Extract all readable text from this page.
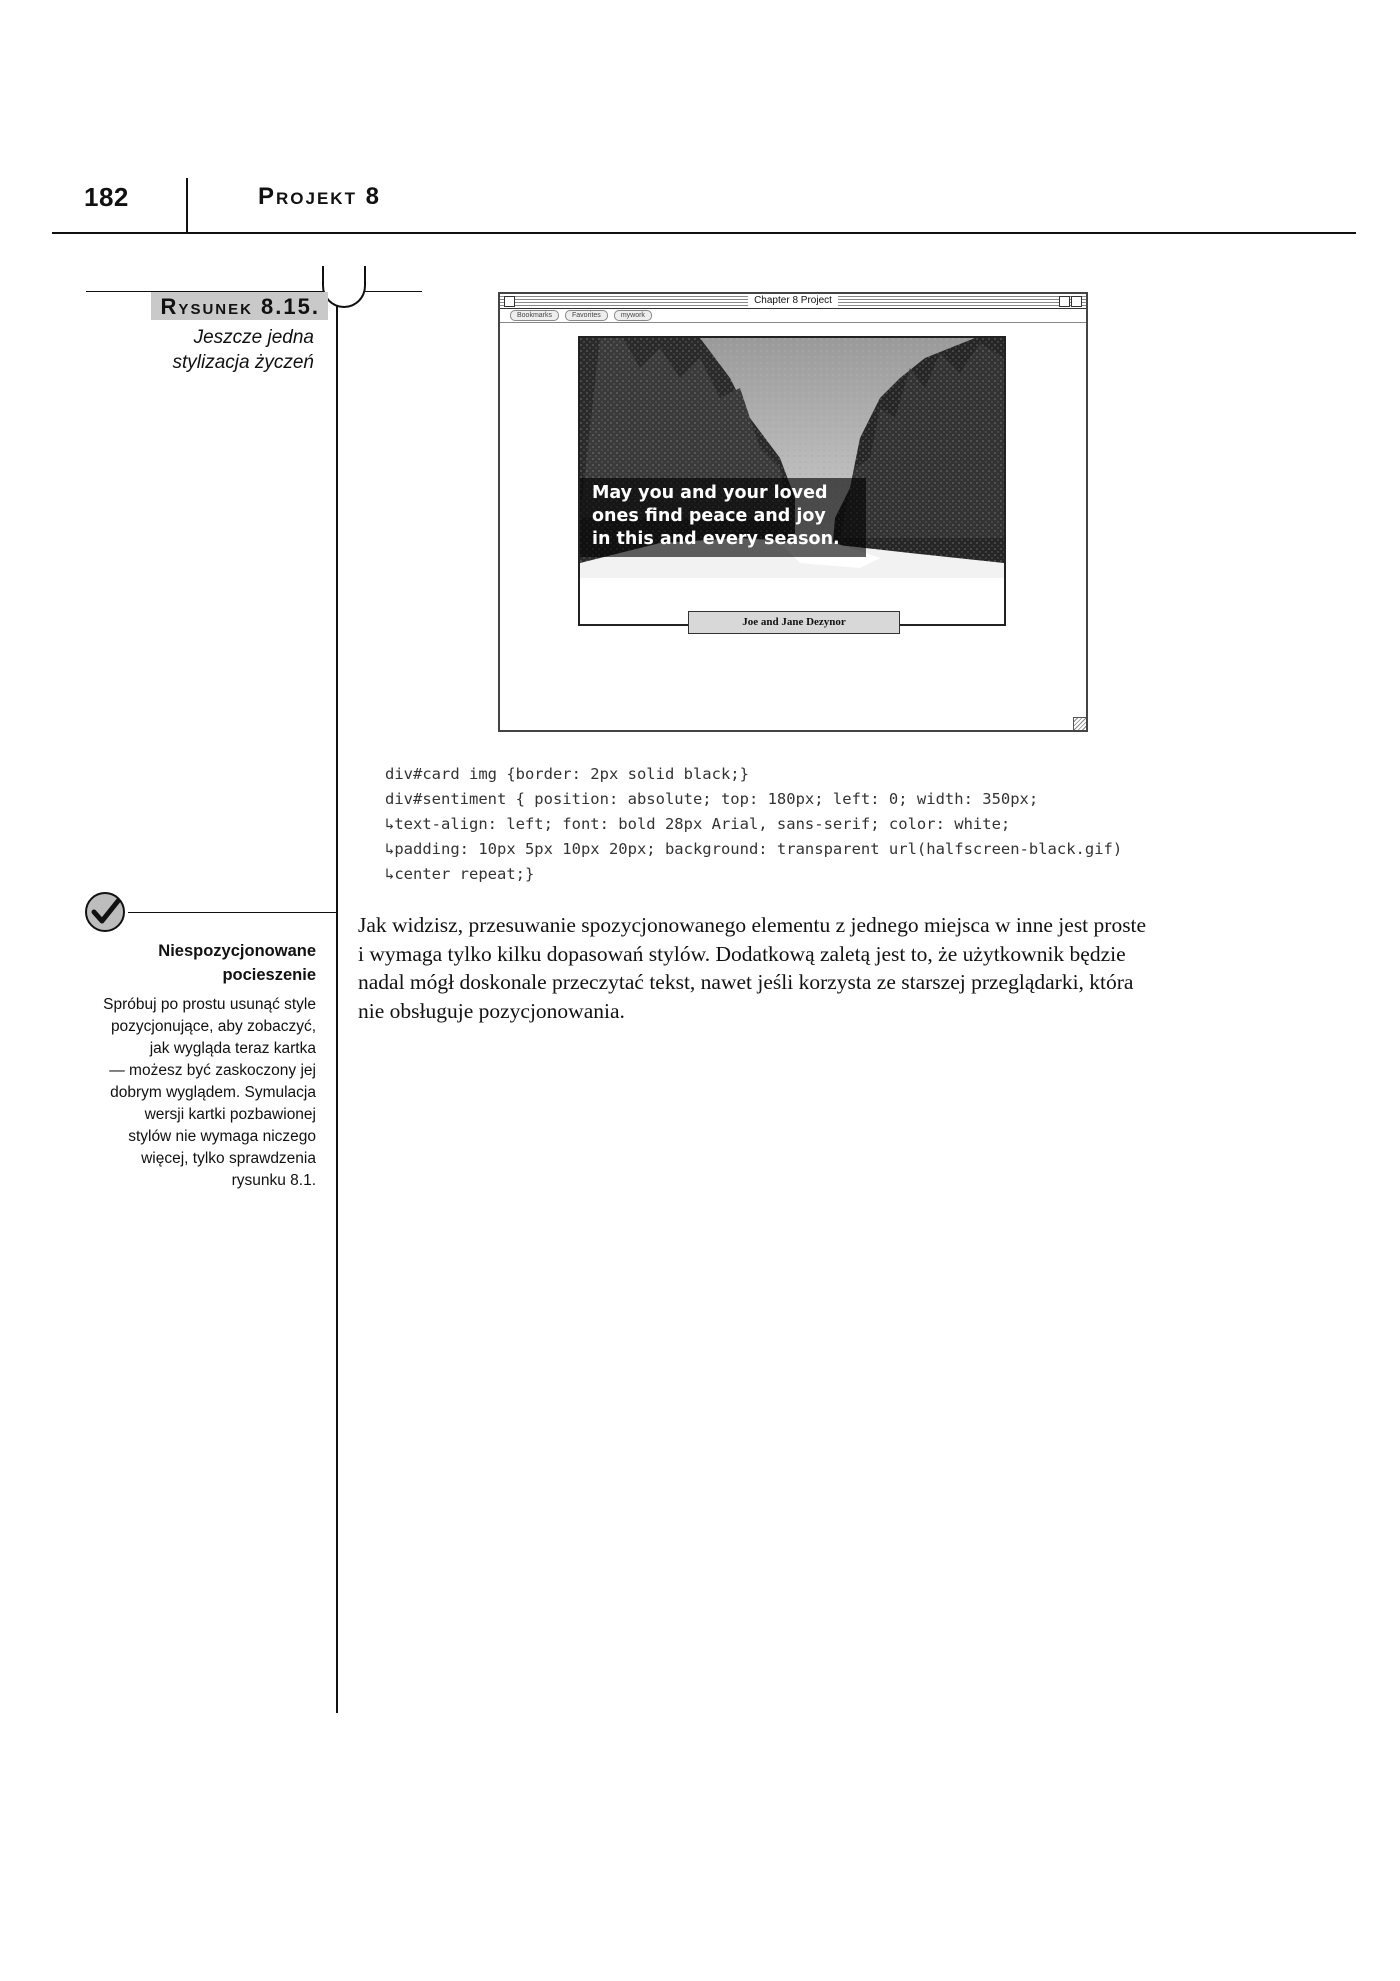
182	Projekt 8
Rysunek 8.15.
Jeszcze jedna
stylizacja życzeń
Chapter 8 Project
Bookmarks	Favorites	mywork

May you and your loved
ones find peace and joy
in this and every season.
Joe and Jane Dezynor
div#card img {border: 2px solid black;}
div#sentiment { position: absolute; top: 180px; left: 0; width: 350px;
↳text-align: left; font: bold 28px Arial, sans-serif; color: white;
↳padding: 10px 5px 10px 20px; background: transparent url(halfscreen-black.gif)
↳center repeat;}
Niespozycjonowane
pocieszenie
Spróbuj po prostu usunąć style
pozycjonujące, aby zobaczyć,
jak wygląda teraz kartka
— możesz być zaskoczony jej
dobrym wyglądem. Symulacja
wersji kartki pozbawionej
stylów nie wymaga niczego
więcej, tylko sprawdzenia
rysunku 8.1.
Jak widzisz, przesuwanie spozycjonowanego elementu z jednego miejsca w inne jest proste
i wymaga tylko kilku dopasowań stylów. Dodatkową zaletą jest to, że użytkownik będzie
nadal mógł doskonale przeczytać tekst, nawet jeśli korzysta ze starszej przeglądarki, która
nie obsługuje pozycjonowania.
